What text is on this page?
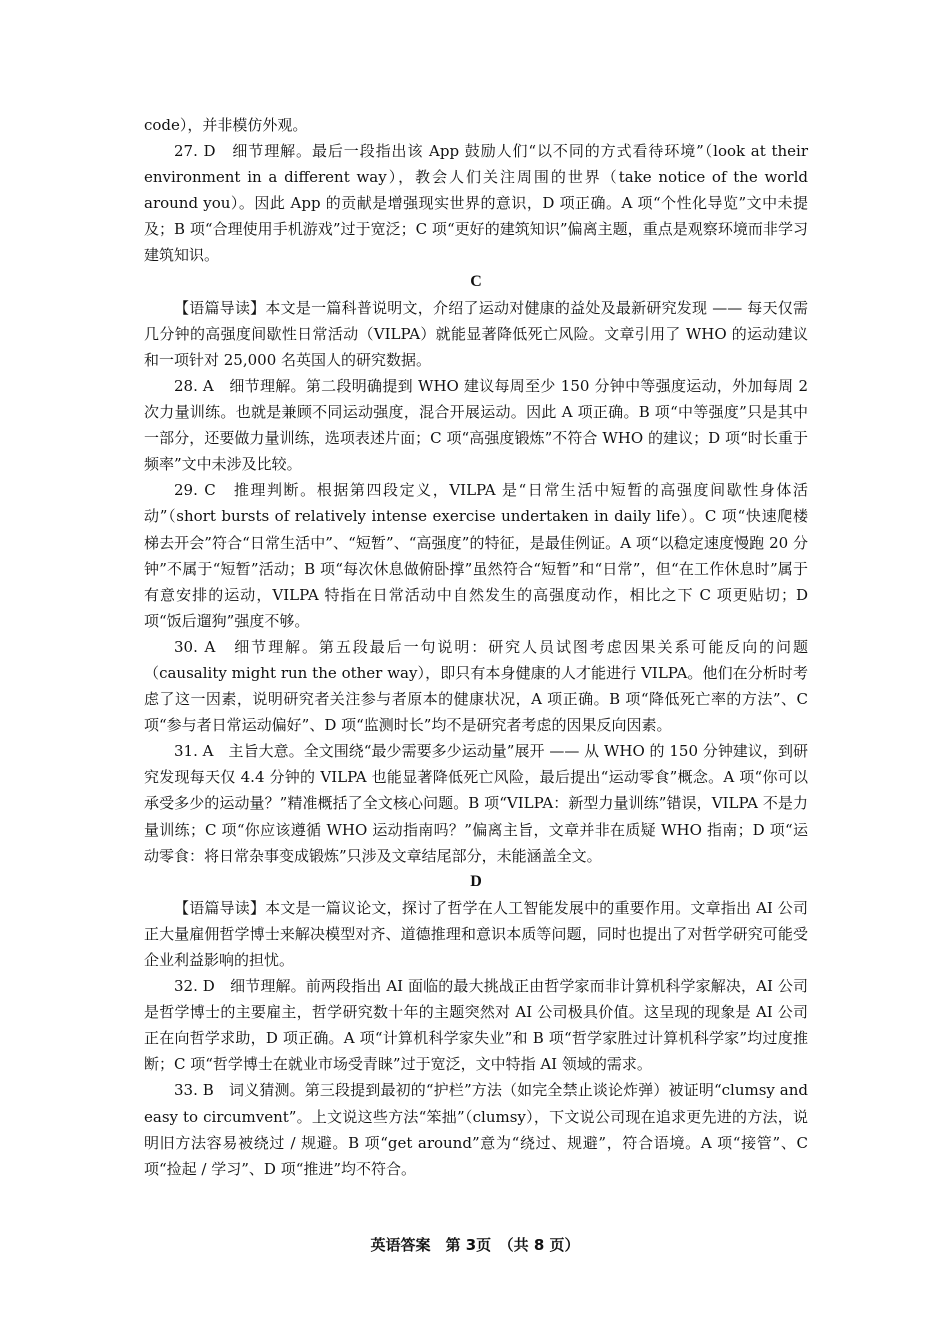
code），并非模仿外观。

27. D　细节理解。最后一段指出该 App 鼓励人们“以不同的方式看待环境”（look at their environment in a different way），教会人们关注周围的世界（take notice of the world around you）。因此 App 的贡献是增强现实世界的意识，D 项正确。A 项“个性化导览”文中未提及；B 项“合理使用手机游戏”过于宽泛；C 项“更好的建筑知识”偏离主题，重点是观察环境而非学习建筑知识。

C

【语篇导读】本文是一篇科普说明文，介绍了运动对健康的益处及最新研究发现 —— 每天仅需几分钟的高强度间歇性日常活动（VILPA）就能显著降低死亡风险。文章引用了 WHO 的运动建议和一项针对 25,000 名英国人的研究数据。

28. A　细节理解。第二段明确提到 WHO 建议每周至少 150 分钟中等强度运动，外加每周 2 次力量训练。也就是兼顾不同运动强度，混合开展运动。因此 A 项正确。B 项“中等强度”只是其中一部分，还要做力量训练，选项表述片面；C 项“高强度锻炼”不符合 WHO 的建议；D 项“时长重于频率”文中未涉及比较。

29. C　推理判断。根据第四段定义，VILPA 是“日常生活中短暂的高强度间歇性身体活动”（short bursts of relatively intense exercise undertaken in daily life）。C 项“快速爬楼梯去开会”符合“日常生活中”、“短暂”、“高强度”的特征，是最佳例证。A 项“以稳定速度慢跑 20 分钟”不属于“短暂”活动；B 项“每次休息做俯卧撑”虽然符合“短暂”和“日常”，但“在工作休息时”属于有意安排的运动，VILPA 特指在日常活动中自然发生的高强度动作，相比之下 C 项更贴切；D 项“饭后遛狗”强度不够。

30. A　细节理解。第五段最后一句说明：研究人员试图考虑因果关系可能反向的问题（causality might run the other way），即只有本身健康的人才能进行 VILPA。他们在分析时考虑了这一因素，说明研究者关注参与者原本的健康状况，A 项正确。B 项“降低死亡率的方法”、C 项“参与者日常运动偏好”、D 项“监测时长”均不是研究者考虑的因果反向因素。

31. A　主旨大意。全文围绕“最少需要多少运动量”展开 —— 从 WHO 的 150 分钟建议，到研究发现每天仅 4.4 分钟的 VILPA 也能显著降低死亡风险，最后提出“运动零食”概念。A 项“你可以承受多少的运动量？”精准概括了全文核心问题。B 项“VILPA：新型力量训练”错误，VILPA 不是力量训练；C 项“你应该遵循 WHO 运动指南吗？”偏离主旨，文章并非在质疑 WHO 指南；D 项“运动零食：将日常杂事变成锻炼”只涉及文章结尾部分，未能涵盖全文。

D

【语篇导读】本文是一篇议论文，探讨了哲学在人工智能发展中的重要作用。文章指出 AI 公司正大量雇佣哲学博士来解决模型对齐、道德推理和意识本质等问题，同时也提出了对哲学研究可能受企业利益影响的担忧。

32. D　细节理解。前两段指出 AI 面临的最大挑战正由哲学家而非计算机科学家解决，AI 公司是哲学博士的主要雇主，哲学研究数十年的主题突然对 AI 公司极具价值。这呈现的现象是 AI 公司正在向哲学求助，D 项正确。A 项“计算机科学家失业”和 B 项“哲学家胜过计算机科学家”均过度推断；C 项“哲学博士在就业市场受青睐”过于宽泛，文中特指 AI 领域的需求。

33. B　词义猜测。第三段提到最初的“护栏”方法（如完全禁止谈论炸弹）被证明“clumsy and easy to circumvent”。上文说这些方法“笨拙”（clumsy），下文说公司现在追求更先进的方法，说明旧方法容易被绕过 / 规避。B 项“get around”意为“绕过、规避”，符合语境。A 项“接管”、C 项“捡起 / 学习”、D 项“推进”均不符合。

英语答案　第 3页　（共 8 页）
